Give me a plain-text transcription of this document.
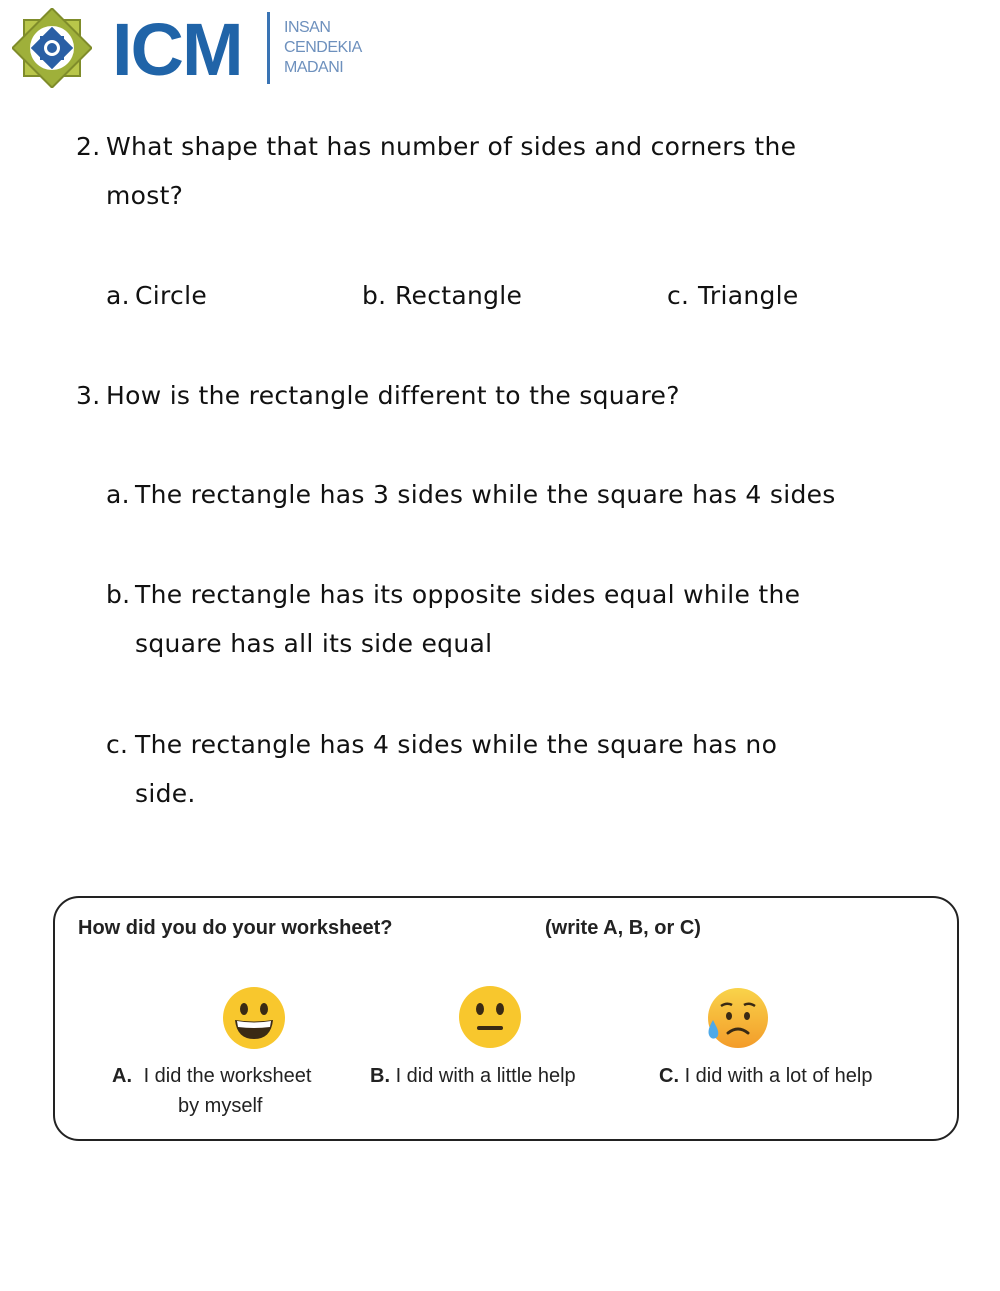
ICM	INSAN
CENDEKIA
MADANI
2. What shape that has number of sides and corners the
most?
a. Circle	b. Rectangle	c. Triangle
3. How is the rectangle different to the square?
a. The rectangle has 3 sides while the square has 4 sides
b. The rectangle has its opposite sides equal while the
square has all its side equal
c. The rectangle has 4 sides while the square has no
side.
How did you do your worksheet?	(write A, B, or C)
A. I did the worksheet
by myself
B. I did with a little help	C. I did with a lot of help
